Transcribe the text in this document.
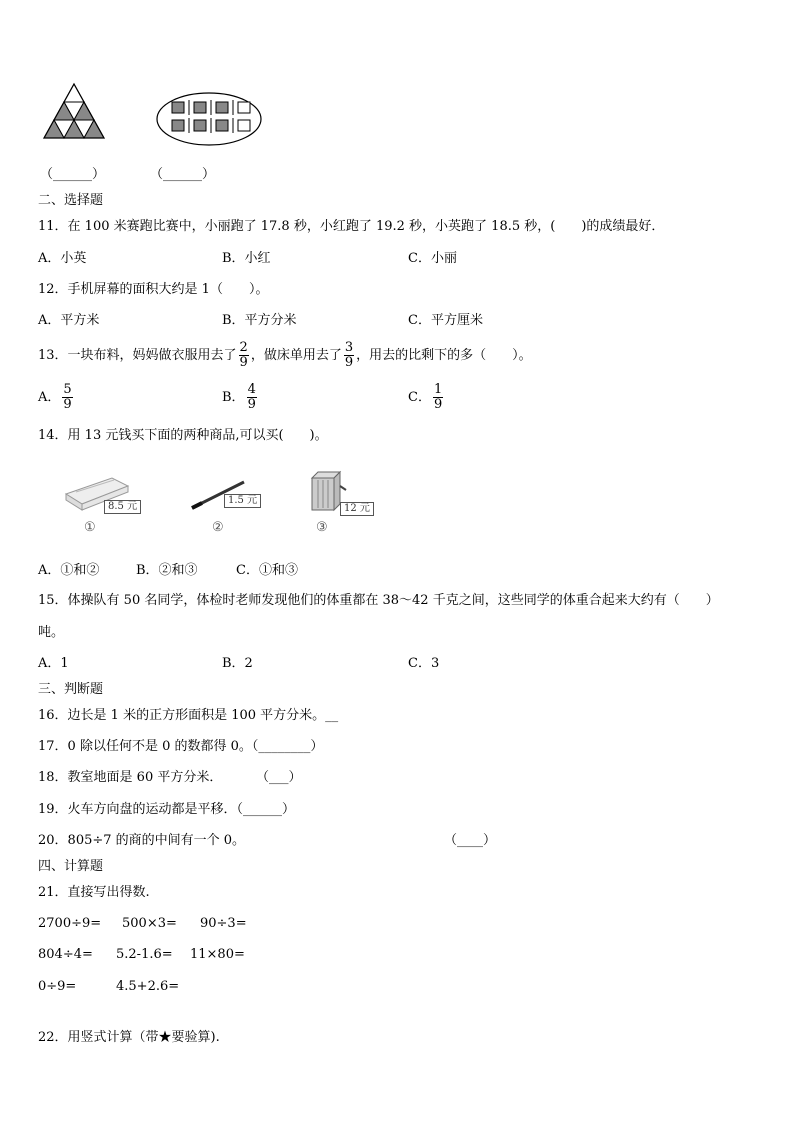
（______）	（______）
二、选择题
11．在 100 米赛跑比赛中，小丽跑了 17.8 秒，小红跑了 19.2 秒，小英跑了 18.5 秒，(　　)的成绩最好．
A．小英	B．小红	C．小丽
12．手机屏幕的面积大约是 1（　　）。
A．平方米	B．平方分米	C．平方厘米
13．一块布料，妈妈做衣服用去了 $\frac{2}{9}$ ，做床单用去了 $\frac{3}{9}$ ，用去的比剩下的多（　　）。
A． $\frac{5}{9}$	B． $\frac{4}{9}$	C． $\frac{1}{9}$
14．用 13 元钱买下面的两种商品,可以买(　　)。
8.5 元
①
1.5 元
②
12 元
③
A．①和②	B．②和③	C．①和③
15．体操队有 50 名同学，体检时老师发现他们的体重都在 38～42 千克之间，这些同学的体重合起来大约有（　　）
吨。
A．1	B．2	C．3
三、判断题
16．边长是 1 米的正方形面积是 100 平方分米。__
17．0 除以任何不是 0 的数都得 0。（________）
18．教室地面是 60 平方分米．	（___）
19．火车方向盘的运动都是平移．（______）
20．805÷7 的商的中间有一个 0。	（____）
四、计算题
21．直接写出得数.
2700÷9= 500×3= 90÷3=
804÷4= 5.2-1.6= 11×80=
0÷9=	4.5+2.6=
22．用竖式计算（带★要验算).
